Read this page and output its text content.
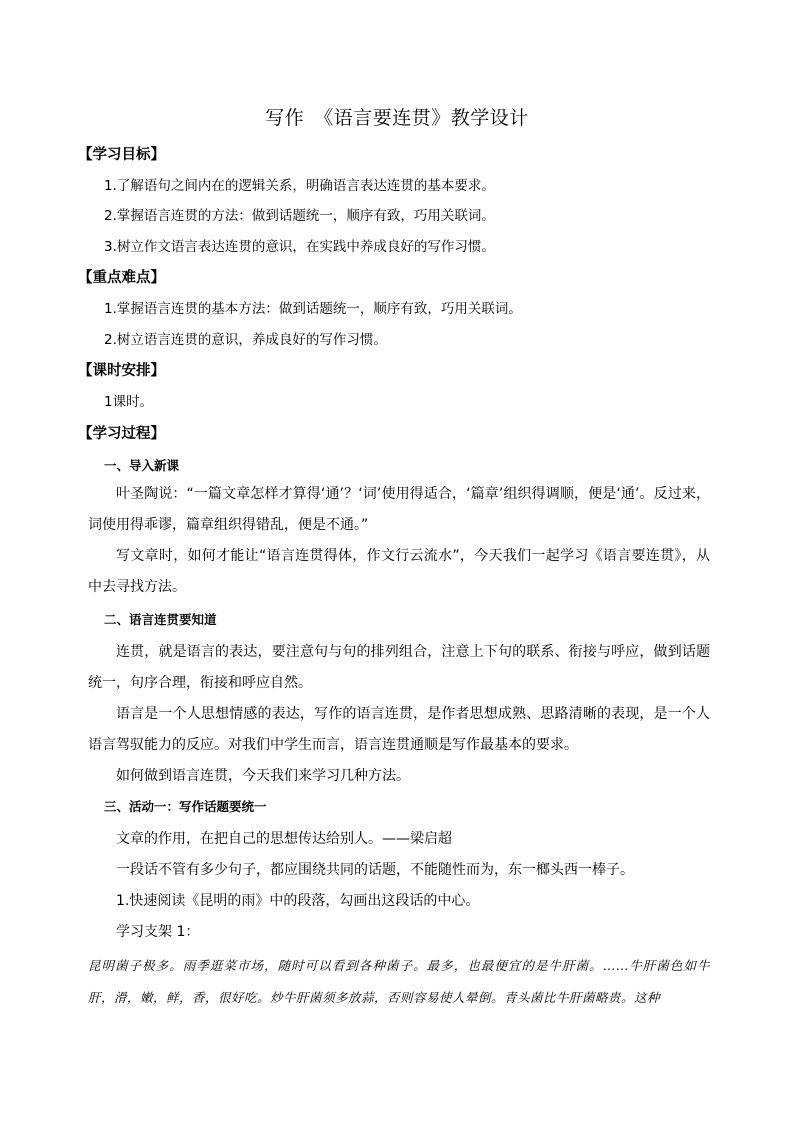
写作　《语言要连贯》教学设计
【学习目标】
1.了解语句之间内在的逻辑关系，明确语言表达连贯的基本要求。
2.掌握语言连贯的方法：做到话题统一，顺序有致，巧用关联词。
3.树立作文语言表达连贯的意识，在实践中养成良好的写作习惯。
【重点难点】
1.掌握语言连贯的基本方法：做到话题统一，顺序有致，巧用关联词。
2.树立语言连贯的意识，养成良好的写作习惯。
【课时安排】
1课时。
【学习过程】
一、导入新课
叶圣陶说：“一篇文章怎样才算得‘通’？‘词’使用得适合，‘篇章’组织得调顺，便是‘通’。反过来，词使用得乖谬，篇章组织得错乱，便是不通。”
写文章时，如何才能让“语言连贯得体，作文行云流水”，今天我们一起学习《语言要连贯》，从中去寻找方法。
二、语言连贯要知道
连贯，就是语言的表达，要注意句与句的排列组合，注意上下句的联系、衔接与呼应，做到话题统一，句序合理，衔接和呼应自然。
语言是一个人思想情感的表达，写作的语言连贯，是作者思想成熟、思路清晰的表现，是一个人语言驾驭能力的反应。对我们中学生而言，语言连贯通顺是写作最基本的要求。
如何做到语言连贯，今天我们来学习几种方法。
三、活动一：写作话题要统一
文章的作用，在把自己的思想传达给别人。——梁启超
一段话不管有多少句子，都应围绕共同的话题，不能随性而为，东一榔头西一棒子。
1.快速阅读《昆明的雨》中的段落，勾画出这段话的中心。
学习支架 1：
昆明菌子极多。雨季逛菜市场，随时可以看到各种菌子。最多，也最便宜的是牛肝菌。……牛肝菌色如牛肝，滑，嫩，鲜，香，很好吃。炒牛肝菌须多放蒜，否则容易使人晕倒。青头菌比牛肝菌略贵。这种
